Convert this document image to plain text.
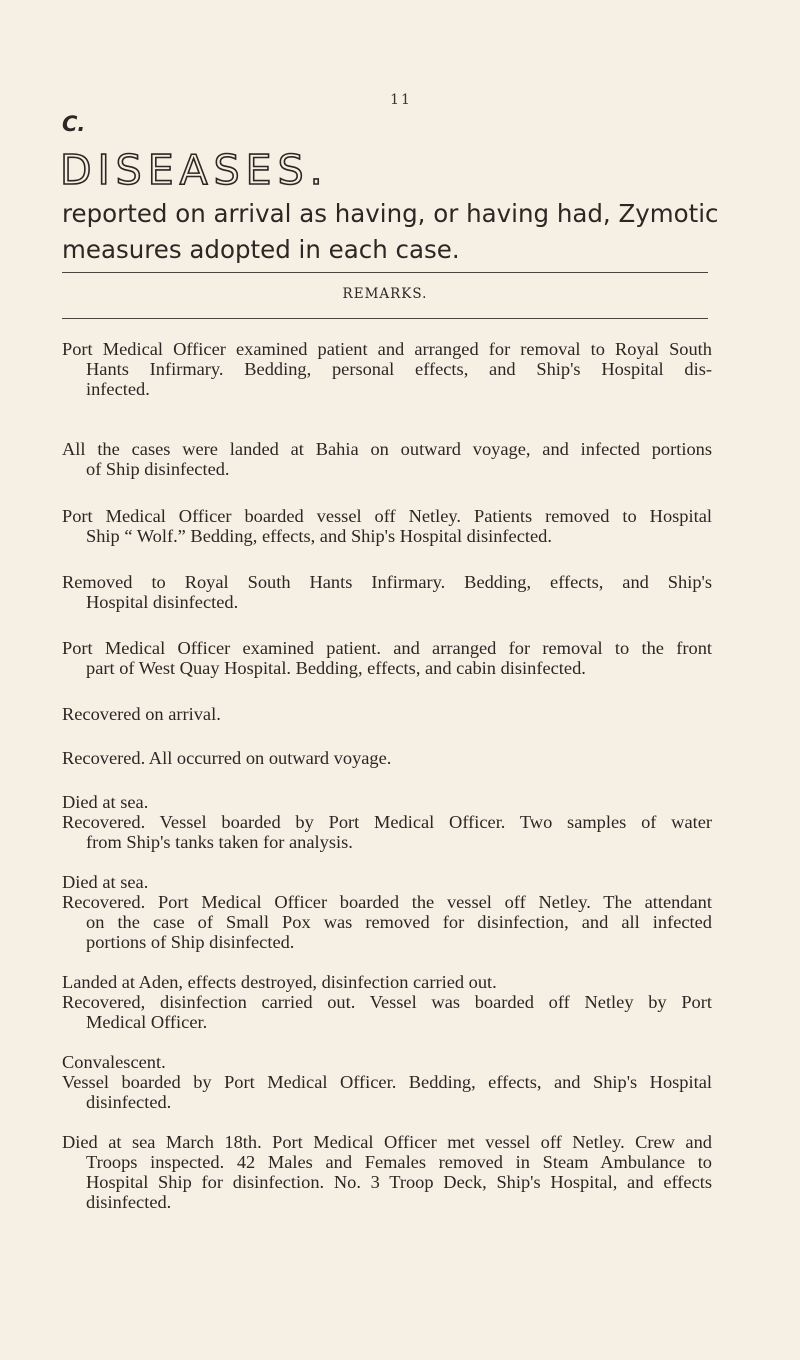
11
C.
DISEASES.
reported on arrival as having, or having had, Zymotic
measures adopted in each case.
REMARKS.
Port Medical Officer examined patient and arranged for removal to Royal South
Hants Infirmary. Bedding, personal effects, and Ship's Hospital dis-
infected.
All the cases were landed at Bahia on outward voyage, and infected portions
of Ship disinfected.
Port Medical Officer boarded vessel off Netley. Patients removed to Hospital
Ship “ Wolf.” Bedding, effects, and Ship's Hospital disinfected.
Removed to Royal South Hants Infirmary. Bedding, effects, and Ship's
Hospital disinfected.
Port Medical Officer examined patient. and arranged for removal to the front
part of West Quay Hospital. Bedding, effects, and cabin disinfected.
Recovered on arrival.
Recovered. All occurred on outward voyage.
Died at sea.
Recovered. Vessel boarded by Port Medical Officer. Two samples of water
from Ship's tanks taken for analysis.
Died at sea.
Recovered. Port Medical Officer boarded the vessel off Netley. The attendant
on the case of Small Pox was removed for disinfection, and all infected
portions of Ship disinfected.
Landed at Aden, effects destroyed, disinfection carried out.
Recovered, disinfection carried out. Vessel was boarded off Netley by Port
Medical Officer.
Convalescent.
Vessel boarded by Port Medical Officer. Bedding, effects, and Ship's Hospital
disinfected.
Died at sea March 18th. Port Medical Officer met vessel off Netley. Crew and
Troops inspected. 42 Males and Females removed in Steam Ambulance to
Hospital Ship for disinfection. No. 3 Troop Deck, Ship's Hospital, and effects
disinfected.
